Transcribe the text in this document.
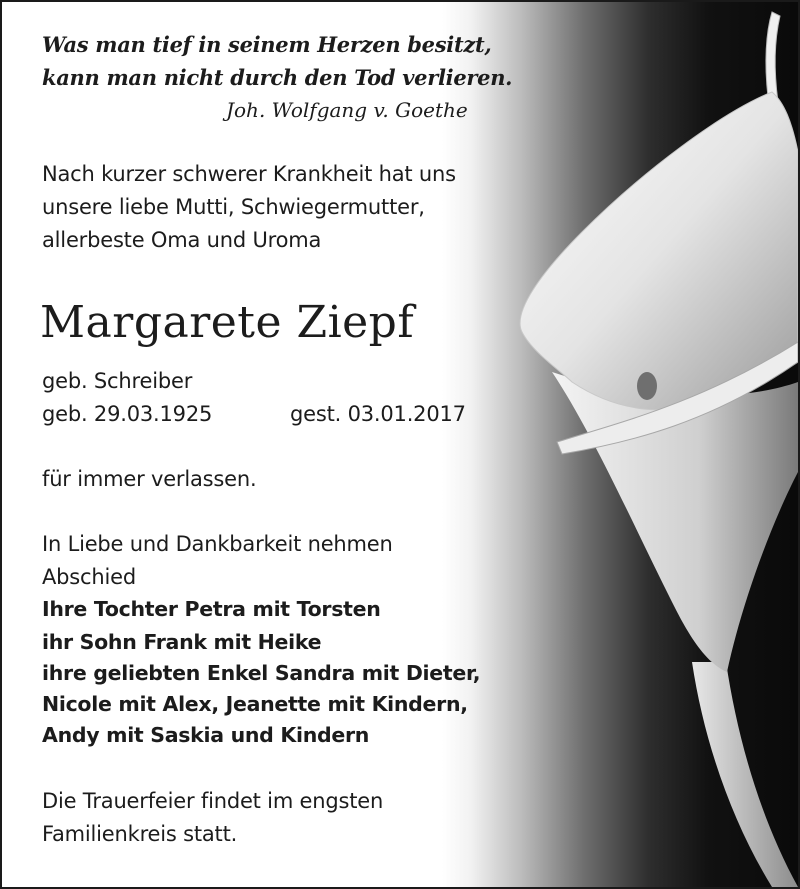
Was man tief in seinem Herzen besitzt,
kann man nicht durch den Tod verlieren.
Joh. Wolfgang v. Goethe
Nach kurzer schwerer Krankheit hat uns
unsere liebe Mutti, Schwiegermutter,
allerbeste Oma und Uroma
Margarete Ziepf
geb. Schreiber
geb. 29.03.1925	gest. 03.01.2017
für immer verlassen.
In Liebe und Dankbarkeit nehmen
Abschied
Ihre Tochter Petra mit Torsten
ihr Sohn Frank mit Heike
ihre geliebten Enkel Sandra mit Dieter,
Nicole mit Alex, Jeanette mit Kindern,
Andy mit Saskia und Kindern
Die Trauerfeier findet im engsten
Familienkreis statt.
